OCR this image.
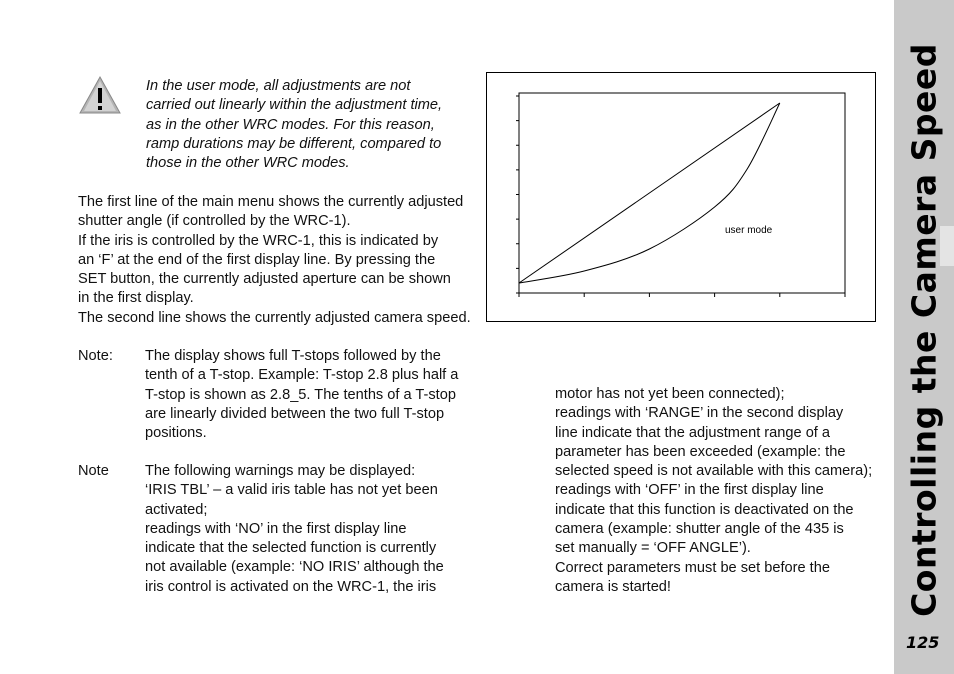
Controlling the Camera Speed
125
In the user mode, all adjustments are not
carried out linearly within the adjustment time,
as in the other WRC modes. For this reason,
ramp durations may be different, compared to
those in the other WRC modes.
The first line of the main menu shows the currently adjusted
shutter angle (if controlled by the WRC-1).
If the iris is controlled by the WRC-1, this is indicated by
an ‘F’ at the end of the first display line. By pressing the
SET button, the currently adjusted aperture can be shown
in the first display.
The second line shows the currently adjusted camera speed.
Note: The display shows full T-stops followed by the
tenth of a T-stop. Example: T-stop 2.8 plus half a
T-stop is shown as 2.8_5. The tenths of a T-stop
are linearly divided between the two full T-stop
positions.
Note The following warnings may be displayed:
‘IRIS TBL’ – a valid iris table has not yet been
activated;
readings with ‘NO’ in the first display line
indicate that the selected function is currently
not available (example: ‘NO IRIS’ although the
iris control is activated on the WRC-1, the iris
motor has not yet been connected);
readings with ‘RANGE’ in the second display
line indicate that the adjustment range of a
parameter has been exceeded (example: the
selected speed is not available with this camera);
readings with ‘OFF’ in the first display line
indicate that this function is deactivated on the
camera (example: shutter angle of the 435 is
set manually = ‘OFF ANGLE’).
Correct parameters must be set before the
camera is started!
user mode
